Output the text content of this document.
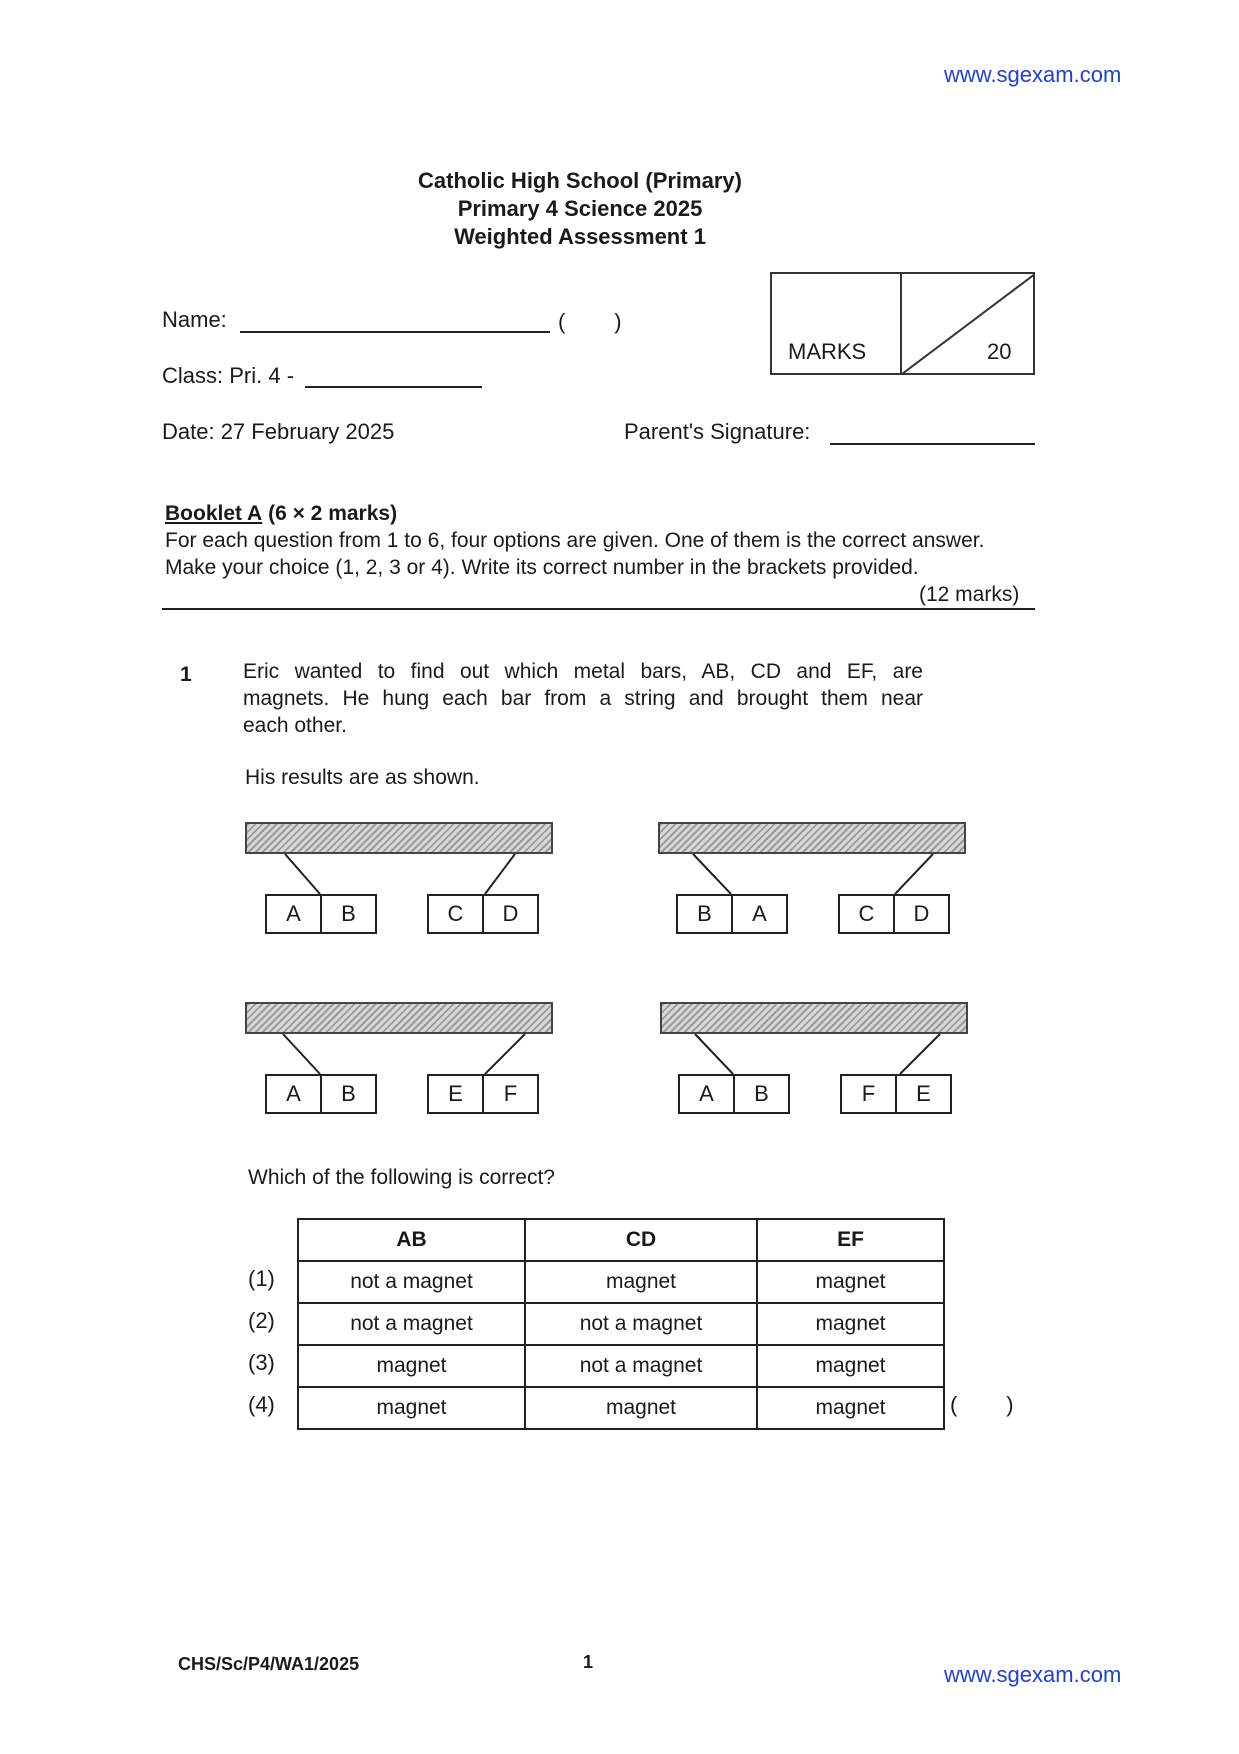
www.sgexam.com
Catholic High School (Primary)
Primary 4 Science 2025
Weighted Assessment 1
Name:	(        )
Class: Pri. 4 -
Date: 27 February 2025	Parent's Signature:
MARKS	20
Booklet A (6 × 2 marks)
For each question from 1 to 6, four options are given. One of them is the correct answer.
Make your choice (1, 2, 3 or 4). Write its correct number in the brackets provided.
(12 marks)
1 Eric wanted to find out which metal bars, AB, CD and EF, are
magnets. He hung each bar from a string and brought them near
each other.
His results are as shown.
A	B	C	D	B	A	C	D
A	B	E	F	A	B	F	E
Which of the following is correct?
AB	CD	EF
not a magnet	magnet	magnet
not a magnet	not a magnet	magnet
magnet	not a magnet	magnet
magnet	magnet	magnet
(1)
(2)
(3)
(4)	(        )
CHS/Sc/P4/WA1/2025	1	www.sgexam.com
